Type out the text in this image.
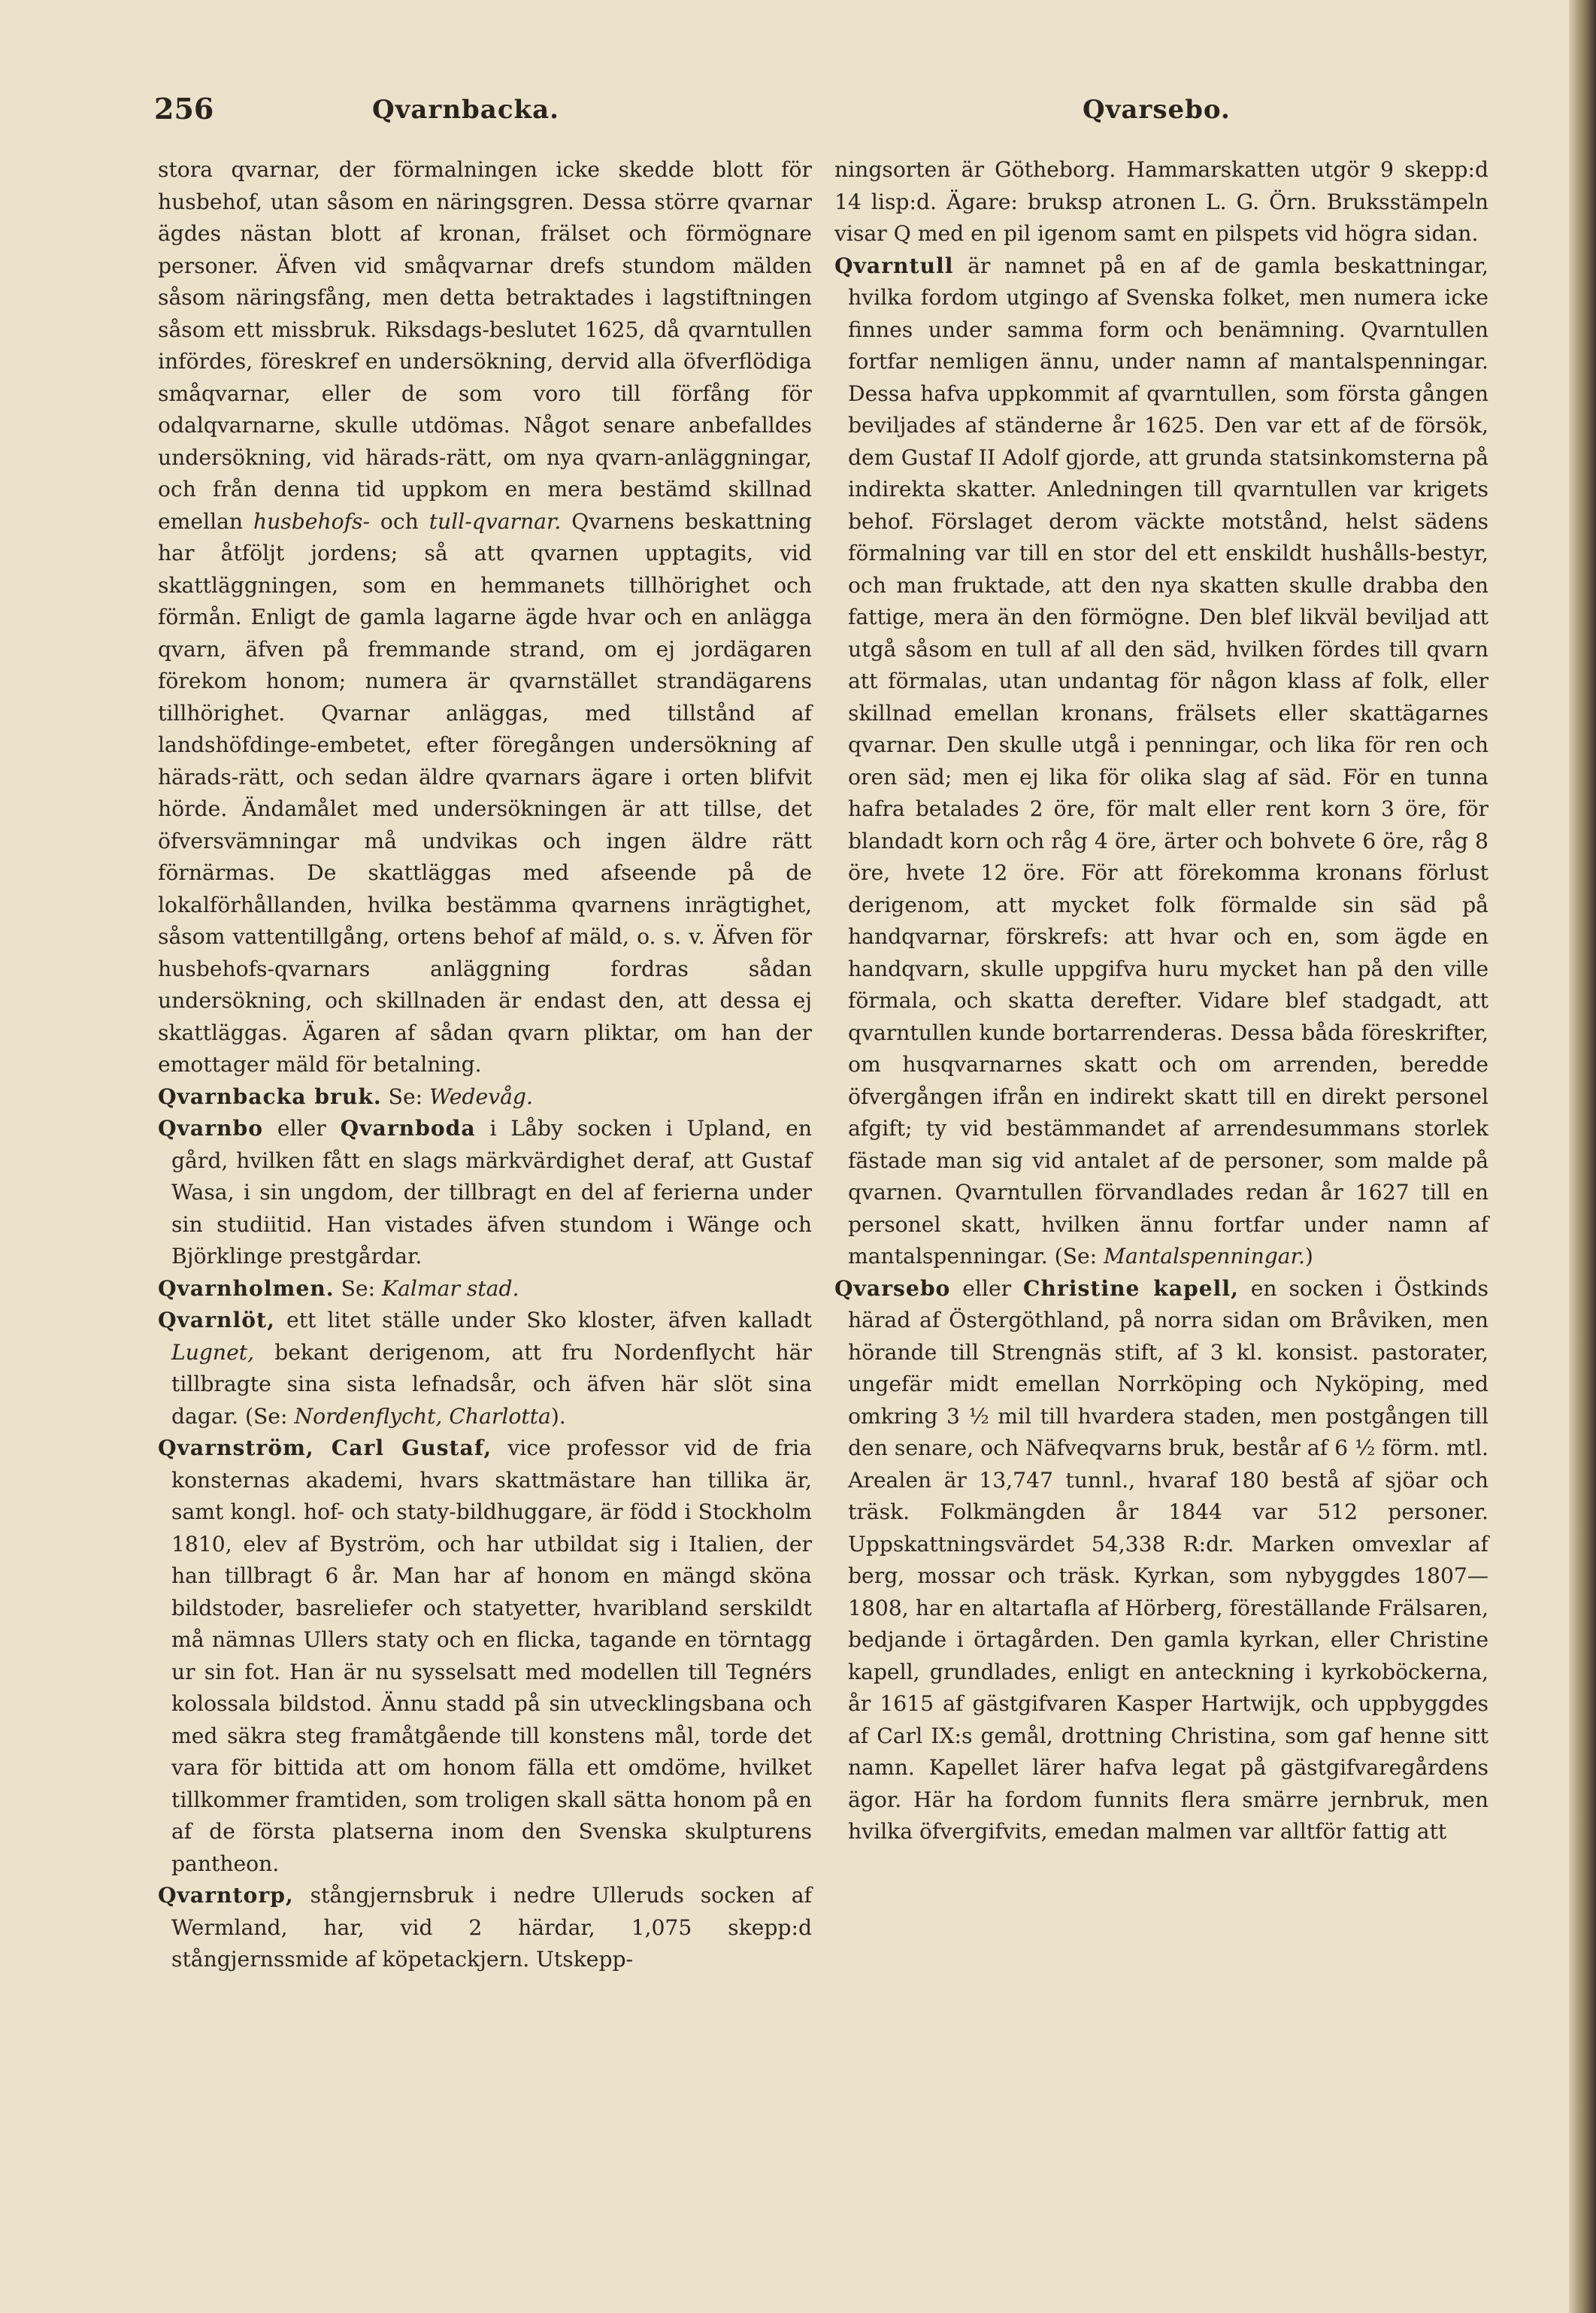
256	Qvarnbacka.	Qvarsebo.

stora qvarnar, der förmalningen icke skedde blott för husbehof, utan såsom en näringsgren. Dessa större qvarnar ägdes nästan blott af kronan, frälset och förmögnare personer. Äfven vid småqvarnar drefs stundom mälden såsom näringsfång, men detta betraktades i lagstiftningen såsom ett missbruk. Riksdags-beslutet 1625, då qvarntullen infördes, föreskref en undersökning, dervid alla öfverflödiga småqvarnar, eller de som voro till förfång för odalqvarnarne, skulle utdömas. Något senare anbefalldes undersökning, vid härads-rätt, om nya qvarn-anläggningar, och från denna tid uppkom en mera bestämd skillnad emellan husbehofs- och tull-qvarnar. Qvarnens beskattning har åtföljt jordens; så att qvarnen upptagits, vid skattläggningen, som en hemmanets tillhörighet och förmån. Enligt de gamla lagarne ägde hvar och en anlägga qvarn, äfven på fremmande strand, om ej jordägaren förekom honom; numera är qvarnstället strandägarens tillhörighet. Qvarnar anläggas, med tillstånd af landshöfdinge-embetet, efter föregången undersökning af härads-rätt, och sedan äldre qvarnars ägare i orten blifvit hörde. Ändamålet med undersökningen är att tillse, det öfversvämningar må undvikas och ingen äldre rätt förnärmas. De skattläggas med afseende på de lokalförhållanden, hvilka bestämma qvarnens inrägtighet, såsom vattentillgång, ortens behof af mäld, o. s. v. Äfven för husbehofs-qvarnars anläggning fordras sådan undersökning, och skillnaden är endast den, att dessa ej skattläggas. Ägaren af sådan qvarn pliktar, om han der emottager mäld för betalning.

Qvarnbacka bruk. Se: Wedevåg.

Qvarnbo eller Qvarnboda i Låby socken i Upland, en gård, hvilken fått en slags märkvärdighet deraf, att Gustaf Wasa, i sin ungdom, der tillbragt en del af ferierna under sin studiitid. Han vistades äfven stundom i Wänge och Björklinge prestgårdar.

Qvarnholmen. Se: Kalmar stad.

Qvarnlöt, ett litet ställe under Sko kloster, äfven kalladt Lugnet, bekant derigenom, att fru Nordenflycht här tillbragte sina sista lefnadsår, och äfven här slöt sina dagar. (Se: Nordenflycht, Charlotta).

Qvarnström, Carl Gustaf, vice professor vid de fria konsternas akademi, hvars skattmästare han tillika är, samt kongl. hof- och staty-bildhuggare, är född i Stockholm 1810, elev af Byström, och har utbildat sig i Italien, der han tillbragt 6 år. Man har af honom en mängd sköna bildstoder, basreliefer och statyetter, hvaribland serskildt må nämnas Ullers staty och en flicka, tagande en törntagg ur sin fot. Han är nu sysselsatt med modellen till Tegnérs kolossala bildstod. Ännu stadd på sin utvecklingsbana och med säkra steg framåtgående till konstens mål, torde det vara för bittida att om honom fälla ett omdöme, hvilket tillkommer framtiden, som troligen skall sätta honom på en af de första platserna inom den Svenska skulpturens pantheon.

Qvarntorp, stångjernsbruk i nedre Ulleruds socken af Wermland, har, vid 2 härdar, 1,075 skepp:d stångjernssmide af köpetackjern. Utskepp-

ningsorten är Götheborg. Hammarskatten utgör 9 skepp:d 14 lisp:d. Ägare: bruksp atronen L. G. Örn. Bruksstämpeln visar Q med en pil igenom samt en pilspets vid högra sidan.

Qvarntull är namnet på en af de gamla beskattningar, hvilka fordom utgingo af Svenska folket, men numera icke finnes under samma form och benämning. Qvarntullen fortfar nemligen ännu, under namn af mantalspenningar. Dessa hafva uppkommit af qvarntullen, som första gången beviljades af ständerne år 1625. Den var ett af de försök, dem Gustaf II Adolf gjorde, att grunda statsinkomsterna på indirekta skatter. Anledningen till qvarntullen var krigets behof. Förslaget derom väckte motstånd, helst sädens förmalning var till en stor del ett enskildt hushålls-bestyr, och man fruktade, att den nya skatten skulle drabba den fattige, mera än den förmögne. Den blef likväl beviljad att utgå såsom en tull af all den säd, hvilken fördes till qvarn att förmalas, utan undantag för någon klass af folk, eller skillnad emellan kronans, frälsets eller skattägarnes qvarnar. Den skulle utgå i penningar, och lika för ren och oren säd; men ej lika för olika slag af säd. För en tunna hafra betalades 2 öre, för malt eller rent korn 3 öre, för blandadt korn och råg 4 öre, ärter och bohvete 6 öre, råg 8 öre, hvete 12 öre. För att förekomma kronans förlust derigenom, att mycket folk förmalde sin säd på handqvarnar, förskrefs: att hvar och en, som ägde en handqvarn, skulle uppgifva huru mycket han på den ville förmala, och skatta derefter. Vidare blef stadgadt, att qvarntullen kunde bortarrenderas. Dessa båda föreskrifter, om husqvarnarnes skatt och om arrenden, beredde öfvergången ifrån en indirekt skatt till en direkt personel afgift; ty vid bestämmandet af arrendesummans storlek fästade man sig vid antalet af de personer, som malde på qvarnen. Qvarntullen förvandlades redan år 1627 till en personel skatt, hvilken ännu fortfar under namn af mantalspenningar. (Se: Mantalspenningar.)

Qvarsebo eller Christine kapell, en socken i Östkinds härad af Östergöthland, på norra sidan om Bråviken, men hörande till Strengnäs stift, af 3 kl. konsist. pastorater, ungefär midt emellan Norrköping och Nyköping, med omkring 3 ½ mil till hvardera staden, men postgången till den senare, och Näfveqvarns bruk, består af 6 ½ förm. mtl. Arealen är 13,747 tunnl., hvaraf 180 bestå af sjöar och träsk. Folkmängden år 1844 var 512 personer. Uppskattningsvärdet 54,338 R:dr. Marken omvexlar af berg, mossar och träsk. Kyrkan, som nybyggdes 1807—1808, har en altartafla af Hörberg, föreställande Frälsaren, bedjande i örtagården. Den gamla kyrkan, eller Christine kapell, grundlades, enligt en anteckning i kyrkoböckerna, år 1615 af gästgifvaren Kasper Hartwijk, och uppbyggdes af Carl IX:s gemål, drottning Christina, som gaf henne sitt namn. Kapellet lärer hafva legat på gästgifvaregårdens ägor. Här ha fordom funnits flera smärre jernbruk, men hvilka öfvergifvits, emedan malmen var alltför fattig att
